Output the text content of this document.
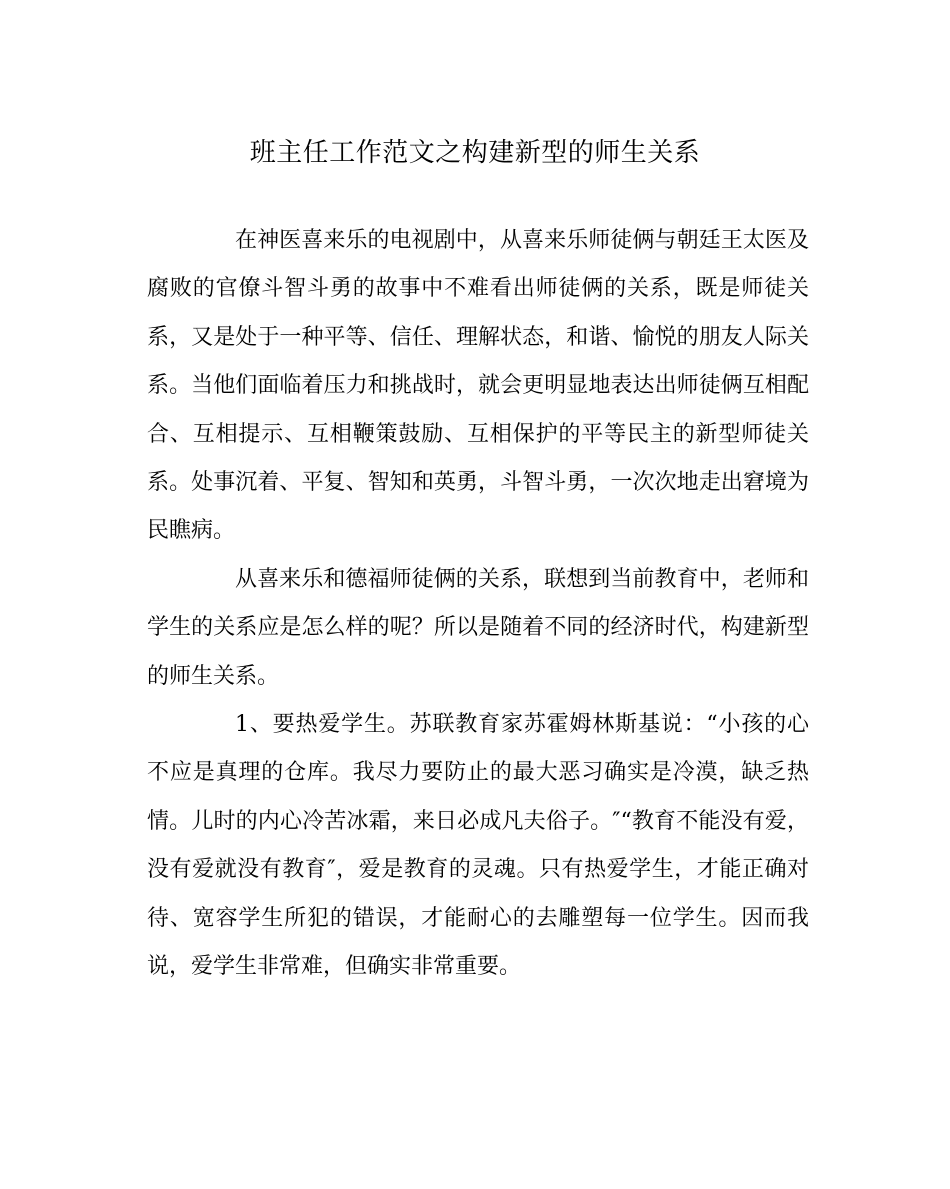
班主任工作范文之构建新型的师生关系

在神医喜来乐的电视剧中，从喜来乐师徒俩与朝廷王太医及腐败的官僚斗智斗勇的故事中不难看出师徒俩的关系，既是师徒关系，又是处于一种平等、信任、理解状态，和谐、愉悦的朋友人际关系。当他们面临着压力和挑战时，就会更明显地表达出师徒俩互相配合、互相提示、互相鞭策鼓励、互相保护的平等民主的新型师徒关系。处事沉着、平复、智知和英勇，斗智斗勇，一次次地走出窘境为民瞧病。

从喜来乐和德福师徒俩的关系，联想到当前教育中，老师和学生的关系应是怎么样的呢？所以是随着不同的经济时代，构建新型的师生关系。

1、要热爱学生。苏联教育家苏霍姆林斯基说：“小孩的心不应是真理的仓库。我尽力要防止的最大恶习确实是冷漠，缺乏热情。儿时的内心冷苦冰霜，来日必成凡夫俗子。″“教育不能没有爱，没有爱就没有教育″，爱是教育的灵魂。只有热爱学生，才能正确对待、宽容学生所犯的错误，才能耐心的去雕塑每一位学生。因而我说，爱学生非常难，但确实非常重要。
